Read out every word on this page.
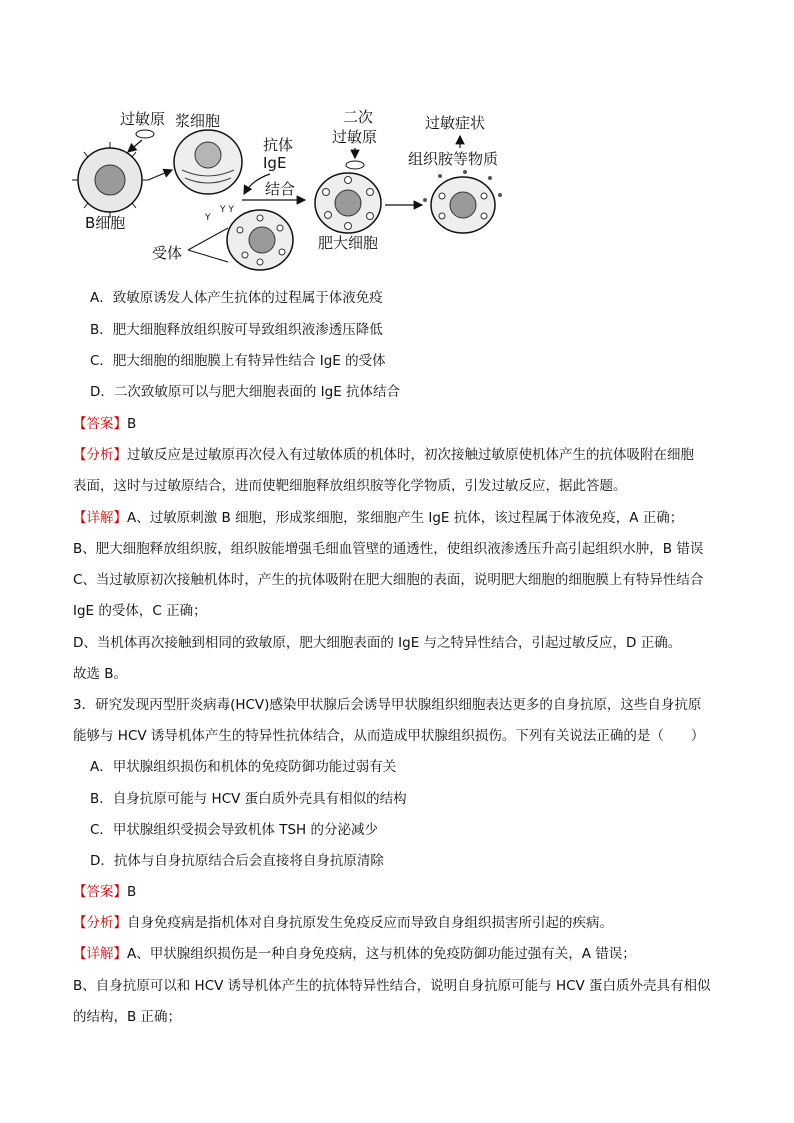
B细胞
过敏原
Y Y
Y
浆细胞
抗体
IgE
结合
受体
二次
过敏原
肥大细胞
过敏症状
组织胺等物质
A．致敏原诱发人体产生抗体的过程属于体液免疫
B．肥大细胞释放组织胺可导致组织液渗透压降低
C．肥大细胞的细胞膜上有特异性结合 IgE 的受体
D．二次致敏原可以与肥大细胞表面的 IgE 抗体结合
【答案】B
【分析】过敏反应是过敏原再次侵入有过敏体质的机体时，初次接触过敏原使机体产生的抗体吸附在细胞
表面，这时与过敏原结合，进而使靶细胞释放组织胺等化学物质，引发过敏反应，据此答题。
【详解】A、过敏原刺激 B 细胞，形成浆细胞，浆细胞产生 IgE 抗体，该过程属于体液免疫，A 正确；
B、肥大细胞释放组织胺，组织胺能增强毛细血管壁的通透性，使组织液渗透压升高引起组织水肿，B 错误
C、当过敏原初次接触机体时，产生的抗体吸附在肥大细胞的表面，说明肥大细胞的细胞膜上有特异性结合
IgE 的受体，C 正确；
D、当机体再次接触到相同的致敏原，肥大细胞表面的 IgE 与之特异性结合，引起过敏反应，D 正确。
故选 B。
3．研究发现丙型肝炎病毒(HCV)感染甲状腺后会诱导甲状腺组织细胞表达更多的自身抗原，这些自身抗原
能够与 HCV 诱导机体产生的特异性抗体结合，从而造成甲状腺组织损伤。下列有关说法正确的是（　　）
A．甲状腺组织损伤和机体的免疫防御功能过弱有关
B．自身抗原可能与 HCV 蛋白质外壳具有相似的结构
C．甲状腺组织受损会导致机体 TSH 的分泌减少
D．抗体与自身抗原结合后会直接将自身抗原清除
【答案】B
【分析】自身免疫病是指机体对自身抗原发生免疫反应而导致自身组织损害所引起的疾病。
【详解】A、甲状腺组织损伤是一种自身免疫病，这与机体的免疫防御功能过强有关，A 错误；
B、自身抗原可以和 HCV 诱导机体产生的抗体特异性结合，说明自身抗原可能与 HCV 蛋白质外壳具有相似
的结构，B 正确；
